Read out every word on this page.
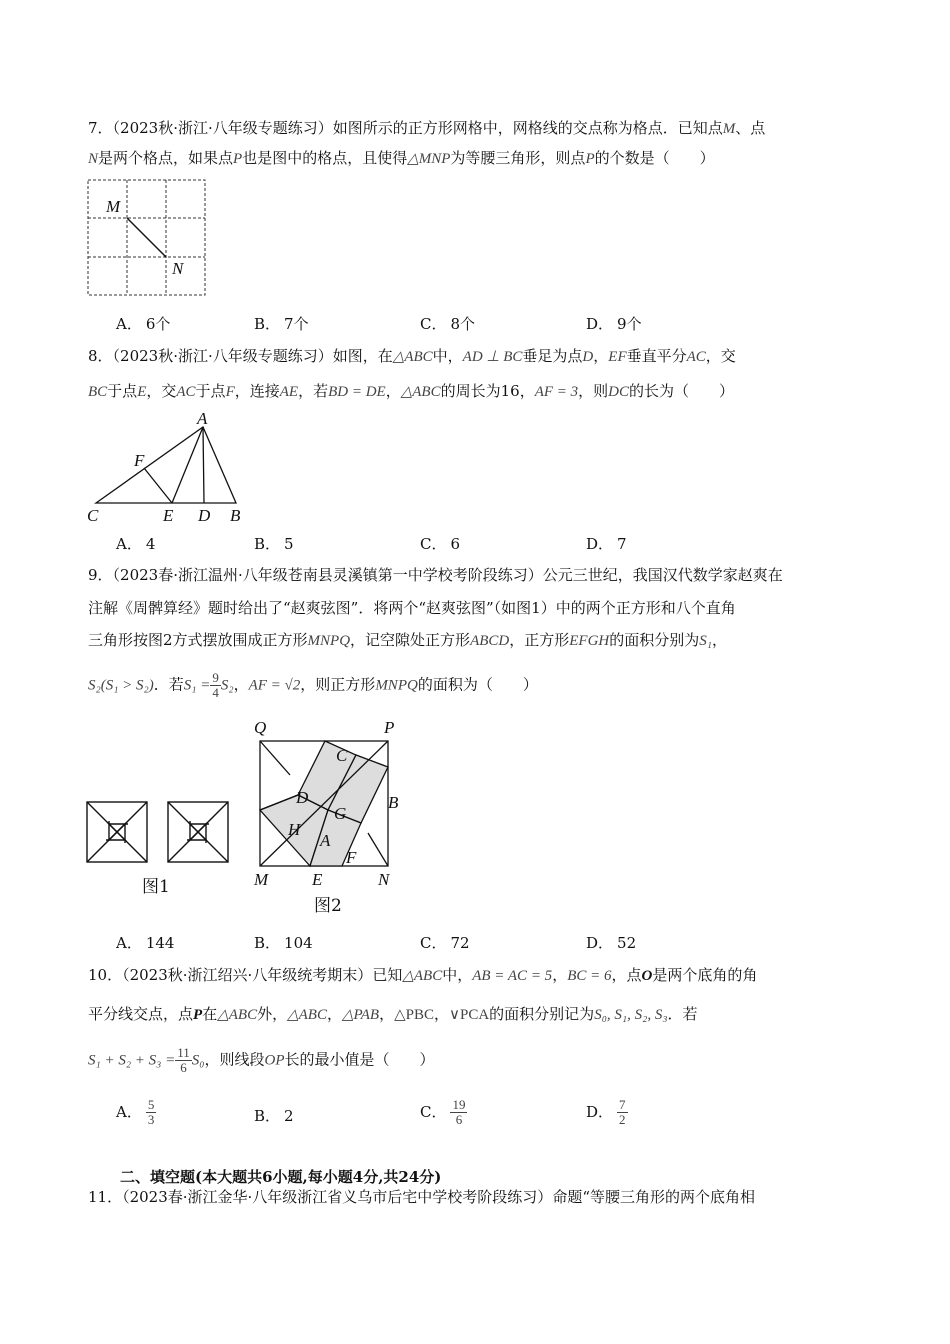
7．（2023秋·浙江·八年级专题练习）如图所示的正方形网格中，网格线的交点称为格点．已知点M、点
N是两个格点，如果点P也是图中的格点，且使得△MNP为等腰三角形，则点P的个数是（　　）
M
N
A． 6个	B． 7个	C． 8个	D． 9个
8．（2023秋·浙江·八年级专题练习）如图，在△ABC中，AD ⊥ BC垂足为点D，EF垂直平分AC，交
BC于点E，交AC于点F，连接AE，若BD = DE，△ABC的周长为16，AF = 3，则DC的长为（　　）
A
F
C	E D B
A． 4	B． 5	C． 6	D． 7
9．（2023春·浙江温州·八年级苍南县灵溪镇第一中学校考阶段练习）公元三世纪，我国汉代数学家赵爽在
注解《周髀算经》题时给出了“赵爽弦图”．将两个“赵爽弦图”（如图1）中的两个正方形和八个直角
三角形按图2方式摆放围成正方形MNPQ，记空隙处正方形ABCD，正方形EFGH的面积分别为S₁，
S₂(S₁ > S₂)．若$S_1 = \frac{9}{4} S_2$，AF = √2，则正方形MNPQ的面积为（　　）
图1
Q	P
C
D	B
G
H
A
F
M	E	N
图2
A． 144	B． 104	C． 72	D． 52
10．（2023秋·浙江绍兴·八年级统考期末）已知△ABC中，AB = AC = 5，BC = 6，点O是两个底角的角
平分线交点，点P在△ABC外，△ABC，△PAB，△PBC，∨PCA的面积分别记为S₀, S₁, S₂, S₃．若
$S_1 + S_2 + S_3 = \frac{11}{6} S_0$，则线段OP长的最小值是（　　）
A． $\frac{5}{3}$	B． 2	C． $\frac{19}{6}$	D． $\frac{7}{2}$
二、填空题(本大题共6小题,每小题4分,共24分)
11．（2023春·浙江金华·八年级浙江省义乌市后宅中学校考阶段练习）命题“等腰三角形的两个底角相
